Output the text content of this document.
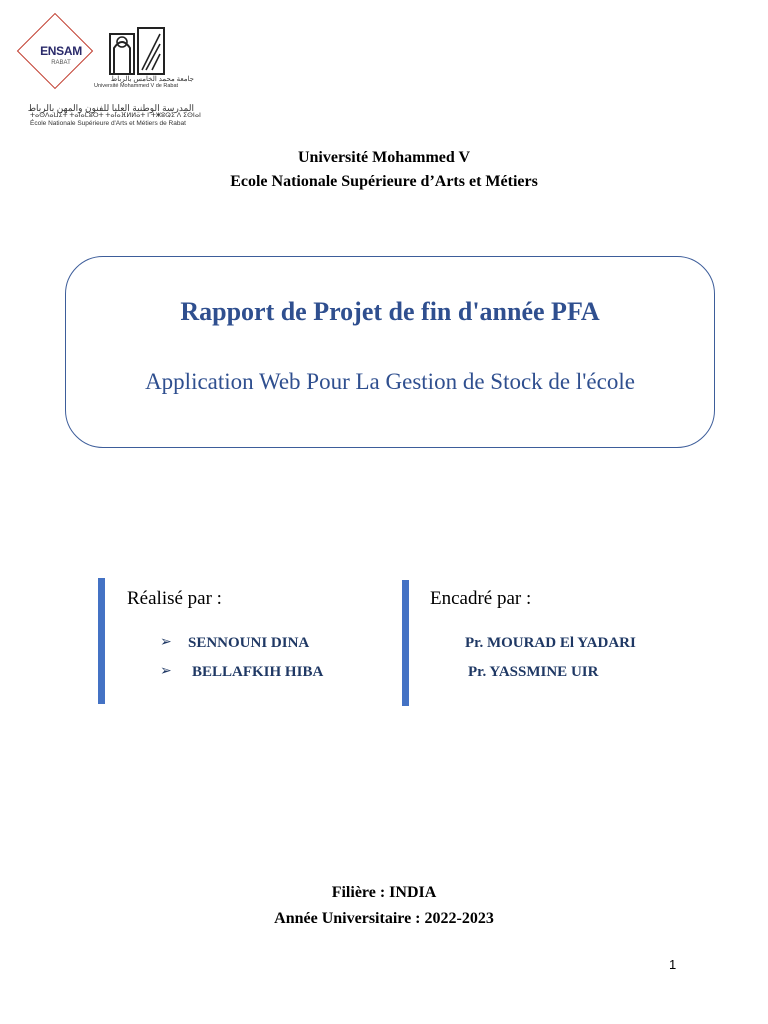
ENSAM
RABAT
جامعة محمد الخامس بالرباط
Université Mohammed V de Rabat
المدرسة الوطنية العليا للفنون والمهن بالرباط
ⵜⴰⵙⴷⴰⵡⵉⵜ ⵜⴰⵏⴰⵎⵓⵔⵜ ⵜⴰⵏⴰⴼⵍⵍⴰⵜ ⵏ ⵜⵥⵓⵕⵉ ⴷ ⵉⵙⵏⴰⵏ
École Nationale Supérieure d'Arts et Métiers de Rabat
Université Mohammed V
Ecole Nationale Supérieure d’Arts et Métiers
Rapport de Projet de fin d'année PFA
Application Web Pour La Gestion de Stock de l'école
Réalisé par :
➢ SENNOUNI DINA
➢ BELLAFKIH HIBA
Encadré par :
Pr. MOURAD El YADARI
Pr. YASSMINE UIR
Filière : INDIA
Année Universitaire : 2022-2023
1
